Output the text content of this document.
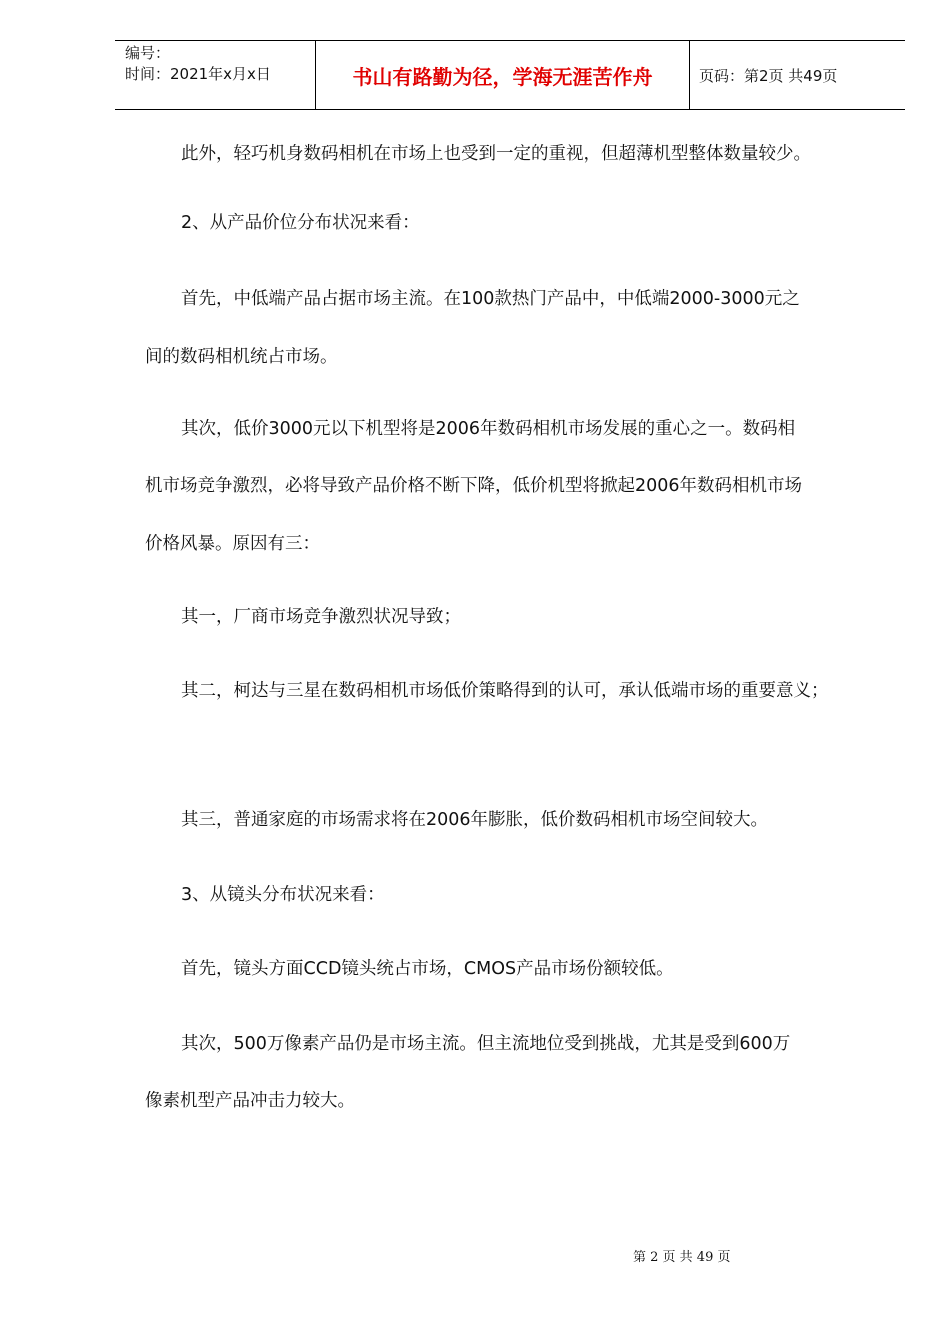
编号：
时间：2021年x月x日	书山有路勤为径，学海无涯苦作舟	页码：第2页 共49页
此外，轻巧机身数码相机在市场上也受到一定的重视，但超薄机型整体数量较少。
2、从产品价位分布状况来看：
首先，中低端产品占据市场主流。在100款热门产品中，中低端2000-3000元之
间的数码相机统占市场。
其次，低价3000元以下机型将是2006年数码相机市场发展的重心之一。数码相
机市场竞争激烈，必将导致产品价格不断下降，低价机型将掀起2006年数码相机市场
价格风暴。原因有三：
其一，厂商市场竞争激烈状况导致；
其二，柯达与三星在数码相机市场低价策略得到的认可，承认低端市场的重要意义；
其三，普通家庭的市场需求将在2006年膨胀，低价数码相机市场空间较大。
3、从镜头分布状况来看：
首先，镜头方面CCD镜头统占市场，CMOS产品市场份额较低。
其次，500万像素产品仍是市场主流。但主流地位受到挑战，尤其是受到600万
像素机型产品冲击力较大。
第 2 页 共 49 页
